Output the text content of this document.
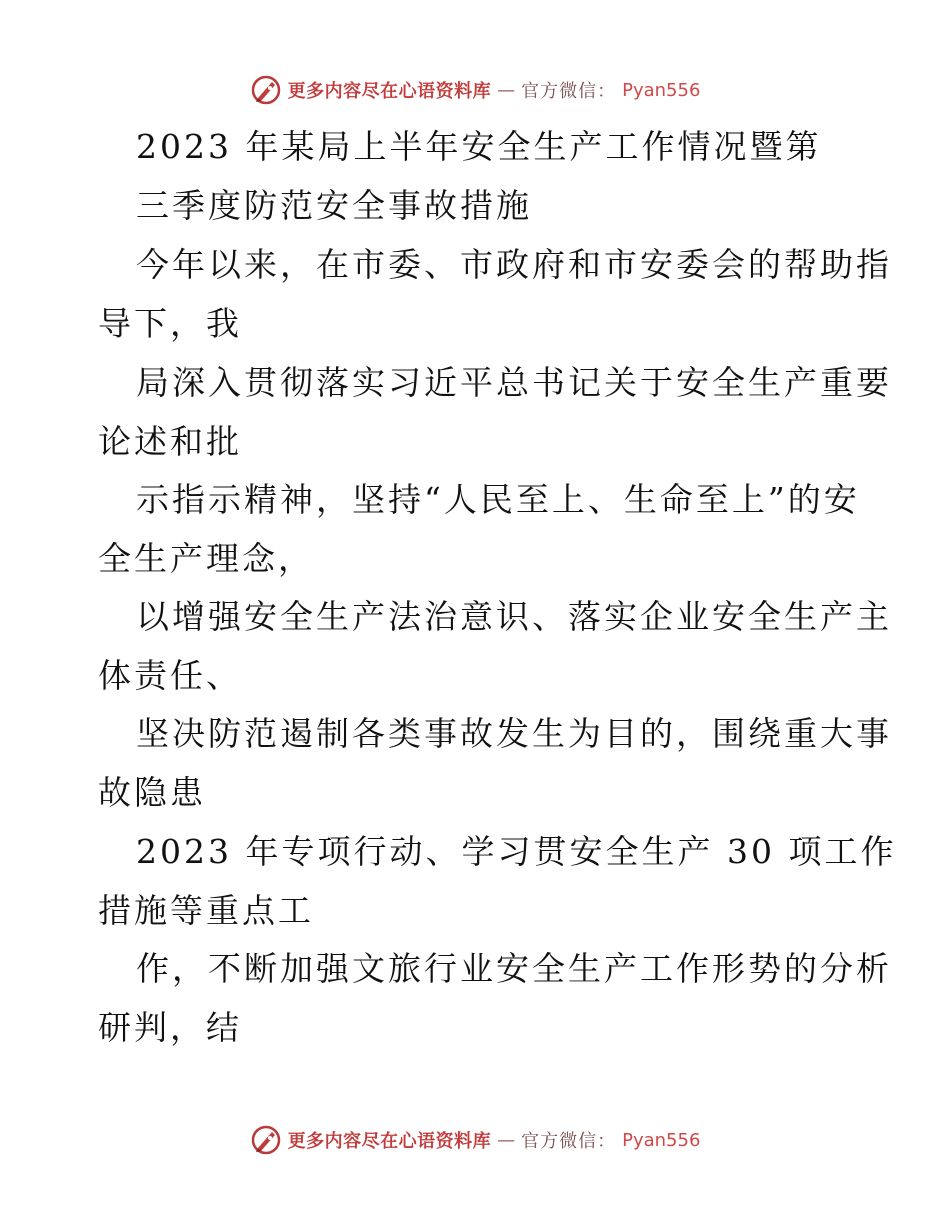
更多内容尽在心语资料库 — 官方微信： Pyan556
2023 年某局上半年安全生产工作情况暨第
三季度防范安全事故措施
今年以来，在市委、市政府和市安委会的帮助指
导下，我
局深入贯彻落实习近平总书记关于安全生产重要
论述和批
示指示精神，坚持“人民至上、生命至上”的安
全生产理念，
以增强安全生产法治意识、落实企业安全生产主
体责任、
坚决防范遏制各类事故发生为目的，围绕重大事
故隐患
2023 年专项行动、学习贯安全生产 30 项工作
措施等重点工
作，不断加强文旅行业安全生产工作形势的分析
研判，结
更多内容尽在心语资料库 — 官方微信： Pyan556
